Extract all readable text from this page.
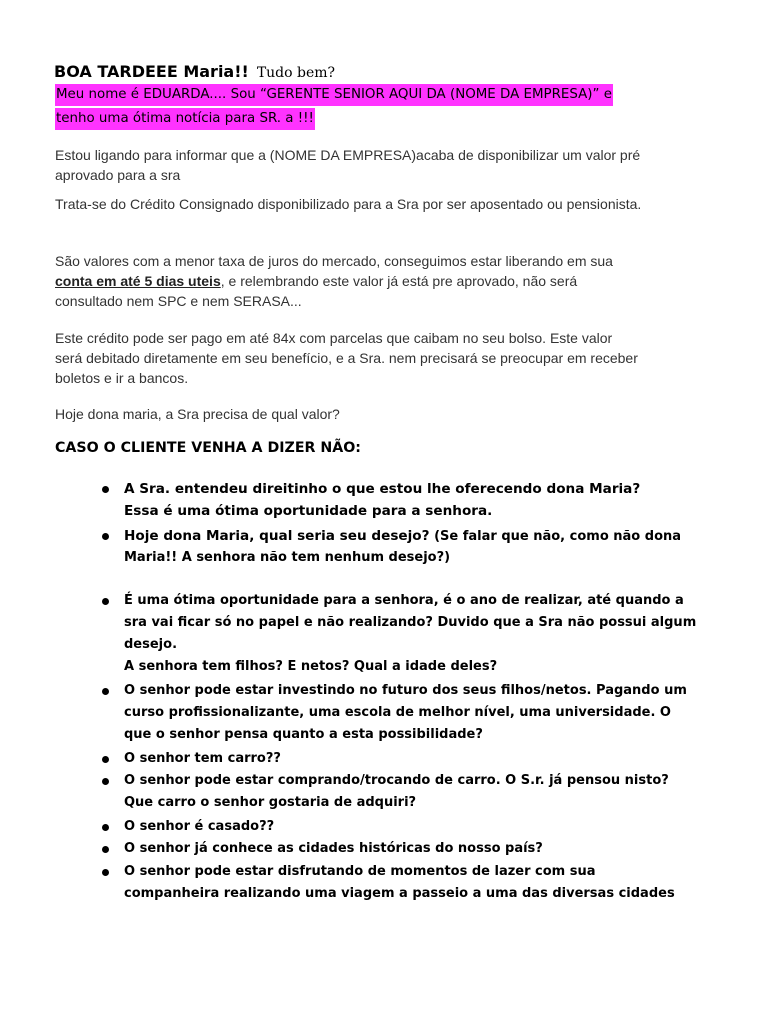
BOA TARDEEE Maria!! Tudo bem?
Meu nome é EDUARDA.... Sou “GERENTE SENIOR AQUI DA (NOME DA EMPRESA)” e
tenho uma ótima notícia para SR. a !!!
Estou ligando para informar que a (NOME DA EMPRESA)acaba de disponibilizar um valor pré
aprovado para a sra
Trata-se do Crédito Consignado disponibilizado para a Sra por ser aposentado ou pensionista.
São valores com a menor taxa de juros do mercado, conseguimos estar liberando em sua
conta em até 5 dias uteis, e relembrando este valor já está pre aprovado, não será
consultado nem SPC e nem SERASA...
Este crédito pode ser pago em até 84x com parcelas que caibam no seu bolso. Este valor
será debitado diretamente em seu benefício, e a Sra. nem precisará se preocupar em receber
boletos e ir a bancos.
Hoje dona maria, a Sra precisa de qual valor?
CASO O CLIENTE VENHA A DIZER NÃO:
A Sra. entendeu direitinho o que estou lhe oferecendo dona Maria?
Essa é uma ótima oportunidade para a senhora.
Hoje dona Maria, qual seria seu desejo? (Se falar que não, como não dona
Maria!! A senhora não tem nenhum desejo?)
É uma ótima oportunidade para a senhora, é o ano de realizar, até quando a
sra vai ficar só no papel e não realizando? Duvido que a Sra não possui algum
desejo.
A senhora tem filhos? E netos? Qual a idade deles?
O senhor pode estar investindo no futuro dos seus filhos/netos. Pagando um
curso profissionalizante, uma escola de melhor nível, uma universidade. O
que o senhor pensa quanto a esta possibilidade?
O senhor tem carro??
O senhor pode estar comprando/trocando de carro. O S.r. já pensou nisto?
Que carro o senhor gostaria de adquiri?
O senhor é casado??
O senhor já conhece as cidades históricas do nosso país?
O senhor pode estar disfrutando de momentos de lazer com sua
companheira realizando uma viagem a passeio a uma das diversas cidades
